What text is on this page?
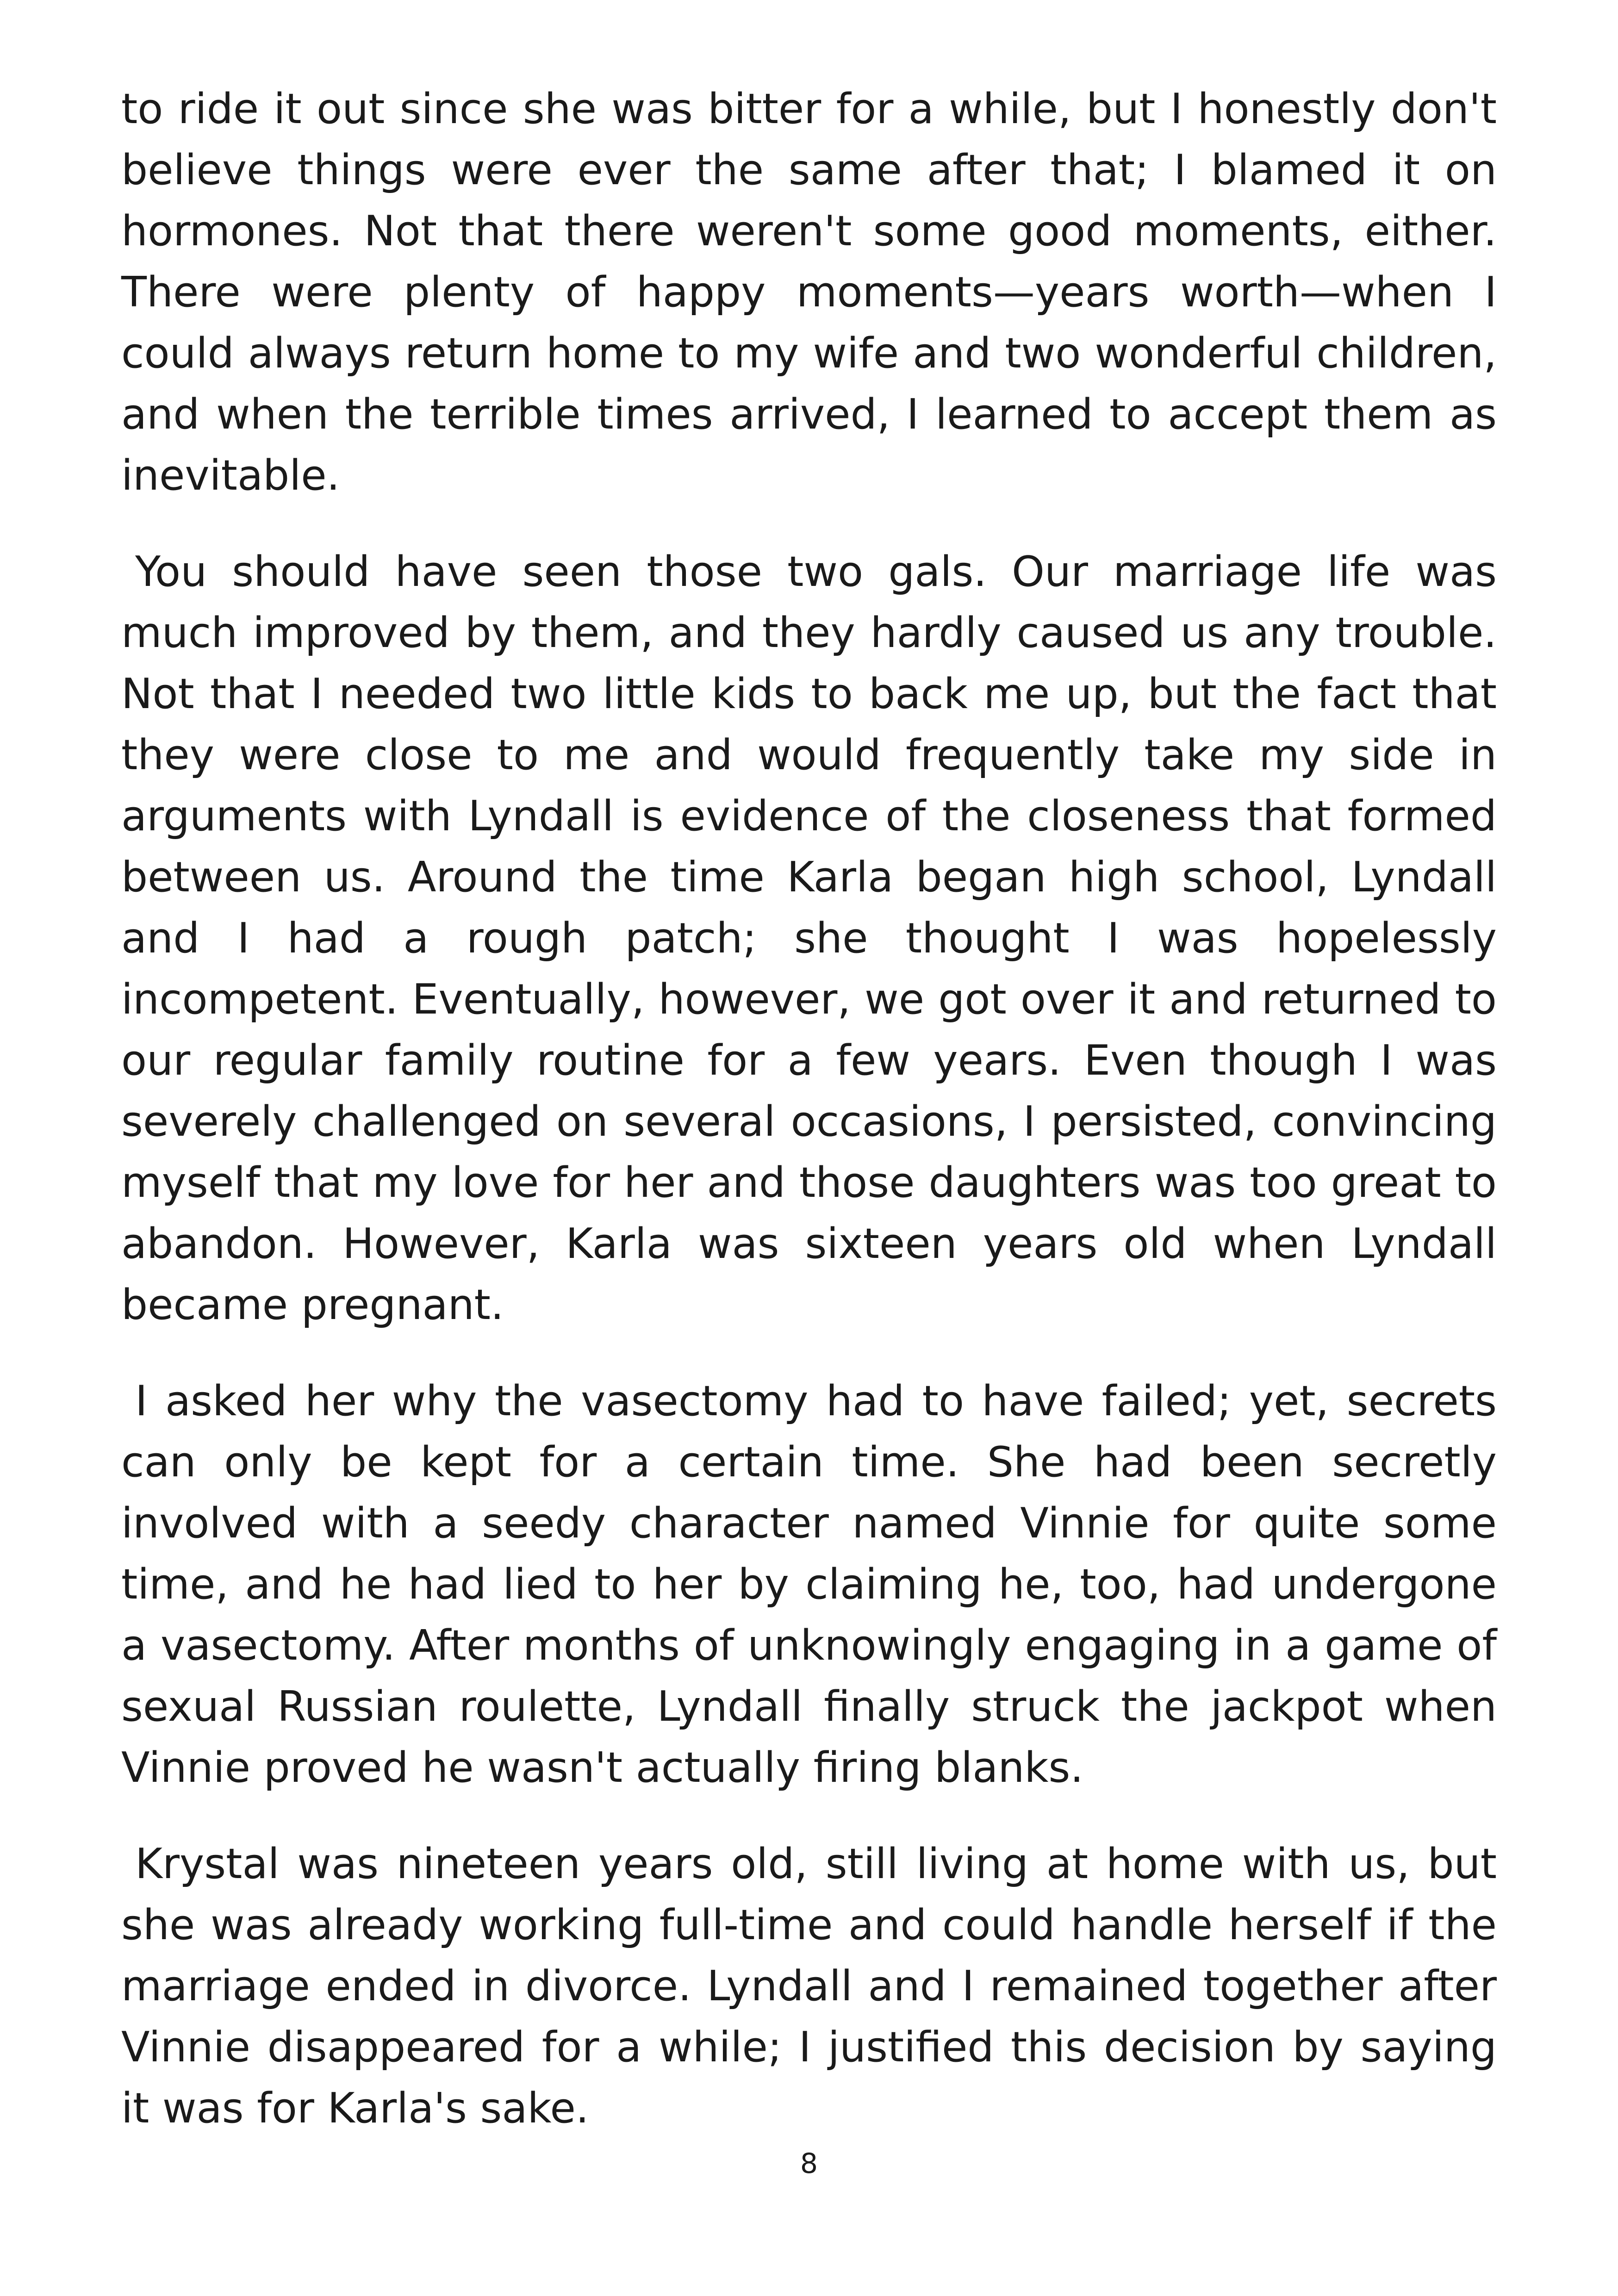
to ride it out since she was bitter for a while, but I honestly don't believe things were ever the same after that; I blamed it on hormones. Not that there weren't some good moments, either. There were plenty of happy moments—years worth—when I could always return home to my wife and two wonderful children, and when the terrible times arrived, I learned to accept them as inevitable.

You should have seen those two gals. Our marriage life was much improved by them, and they hardly caused us any trouble. Not that I needed two little kids to back me up, but the fact that they were close to me and would frequently take my side in arguments with Lyndall is evidence of the closeness that formed between us. Around the time Karla began high school, Lyndall and I had a rough patch; she thought I was hopelessly incompetent. Eventually, however, we got over it and returned to our regular family routine for a few years. Even though I was severely challenged on several occasions, I persisted, convincing myself that my love for her and those daughters was too great to abandon. However, Karla was sixteen years old when Lyndall became pregnant.

I asked her why the vasectomy had to have failed; yet, secrets can only be kept for a certain time. She had been secretly involved with a seedy character named Vinnie for quite some time, and he had lied to her by claiming he, too, had undergone a vasectomy. After months of unknowingly engaging in a game of sexual Russian roulette, Lyndall finally struck the jackpot when Vinnie proved he wasn't actually firing blanks.

Krystal was nineteen years old, still living at home with us, but she was already working full-time and could handle herself if the marriage ended in divorce. Lyndall and I remained together after Vinnie disappeared for a while; I justified this decision by saying it was for Karla's sake.

8
